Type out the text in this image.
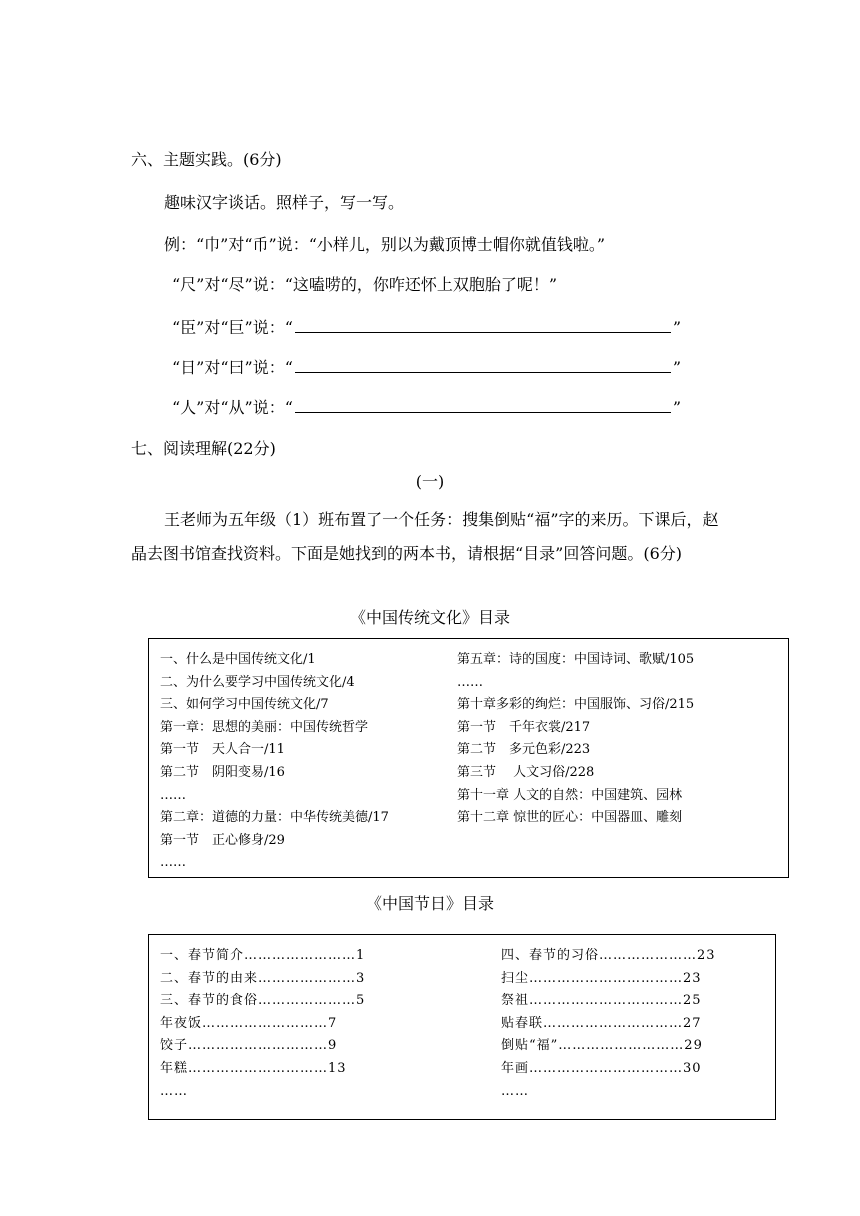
六、主题实践。(6分)
趣味汉字谈话。照样子，写一写。
例：“巾”对“币”说：“小样儿，别以为戴顶博士帽你就值钱啦。”
“尺”对“尽”说：“这嗑唠的，你咋还怀上双胞胎了呢！”
“臣”对“巨”说：“	”
“日”对“曰”说：“	”
“人”对“从”说：“	”
七、阅读理解(22分)
(一)
王老师为五年级（1）班布置了一个任务：搜集倒贴“福”字的来历。下课后，赵晶去图书馆查找资料。下面是她找到的两本书，请根据“目录”回答问题。(6分)
《中国传统文化》目录
一、什么是中国传统文化/1
二、为什么要学习中国传统文化/4
三、如何学习中国传统文化/7
第一章：思想的美丽：中国传统哲学
第一节　天人合一/11
第二节　阴阳变易/16
……
第二章：道德的力量：中华传统美德/17
第一节　正心修身/29
……
第五章：诗的国度：中国诗词、歌赋/105
……
第十章多彩的绚烂：中国服饰、习俗/215
第一节　千年衣裳/217
第二节　多元色彩/223
第三节　 人文习俗/228
第十一章 人文的自然：中国建筑、园林
第十二章 惊世的匠心：中国器皿、雕刻
《中国节日》目录
一、春节简介……………………1
二、春节的由来…………………3
三、春节的食俗…………………5
年夜饭………………………7
饺子…………………………9
年糕…………………………13
……
四、春节的习俗…………………23
扫尘……………………………23
祭祖……………………………25
贴春联…………………………27
倒贴“福”………………………29
年画……………………………30
……
